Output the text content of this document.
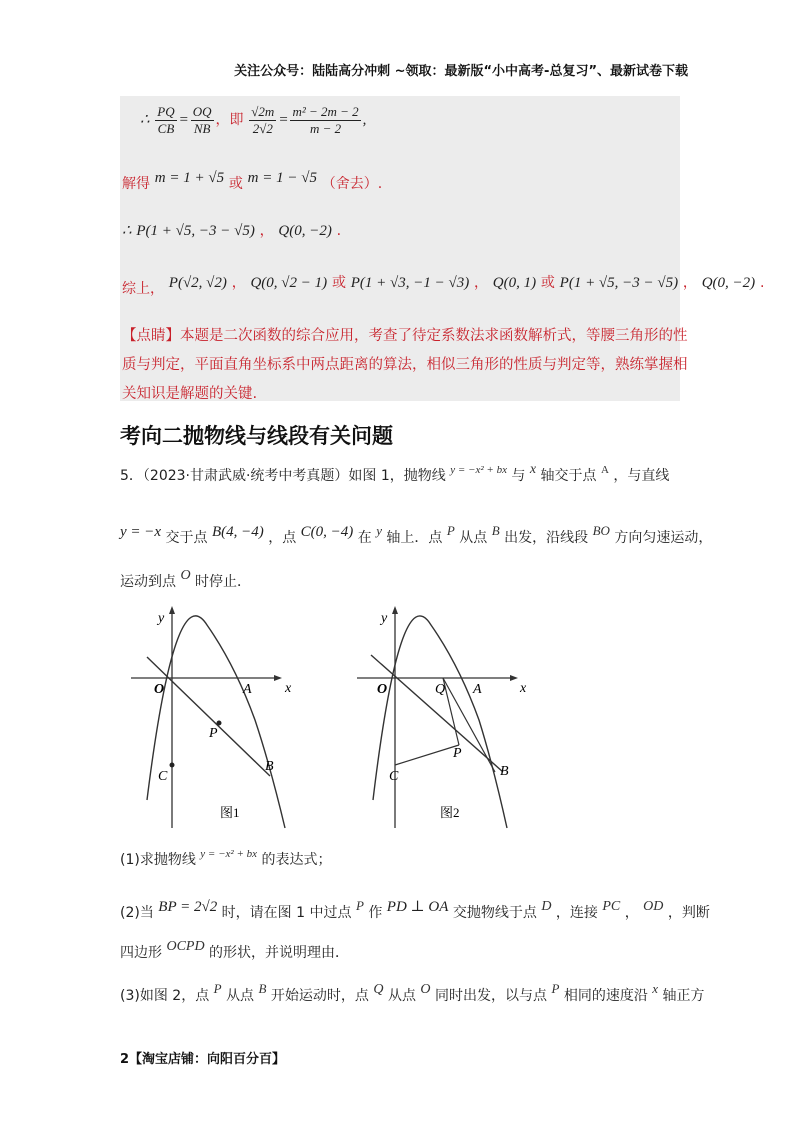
关注公众号：陆陆高分冲刺 ~领取：最新版“小中高考-总复习”、最新试卷下载
∴ $\frac{PQ}{CB} = \frac{OQ}{NB}$ ，即 $\frac{√2m}{2√2} = \frac{\text{m² − 2m − 2}}{m - 2}$ ,
解得 m = 1 + √5 或 m = 1 − √5 （舍去）.
∴ P(1 + √5, −3 − √5) ， Q(0, −2) .
综上， P(√2, √2) ， Q(0, √2 − 1) 或 P(1 + √3, −1 − √3) ， Q(0, 1) 或 P(1 + √5, −3 − √5) ， Q(0, −2) .
【点睛】本题是二次函数的综合应用，考查了待定系数法求函数解析式，等腰三角形的性
质与判定，平面直角坐标系中两点距离的算法，相似三角形的性质与判定等，熟练掌握相
关知识是解题的关键.
考向二抛物线与线段有关问题
5．（2023·甘肃武威·统考中考真题）如图 1，抛物线 $^{y = -x^2 + bx}$ 与 x 轴交于点 $^A$ ，与直线
y = −x 交于点 B(4, −4) ，点 C(0, −4) 在 y 轴上．点 P 从点 B 出发，沿线段 BO 方向匀速运动，
运动到点 O 时停止．
y
x
O	A
P
B
C
图1
y
x
O	Q A
P
B
C
图2
(1)求抛物线 $^{y = -x^2 + bx}$ 的表达式；
(2)当 BP = 2√2 时，请在图 1 中过点 P 作 PD ⊥ OA 交抛物线于点 D ，连接 PC ， OD ，判断
四边形 OCPD 的形状，并说明理由．
(3)如图 2，点 P 从点 B 开始运动时，点 Q 从点 O 同时出发，以与点 P 相同的速度沿 x 轴正方
2【淘宝店铺：向阳百分百】
